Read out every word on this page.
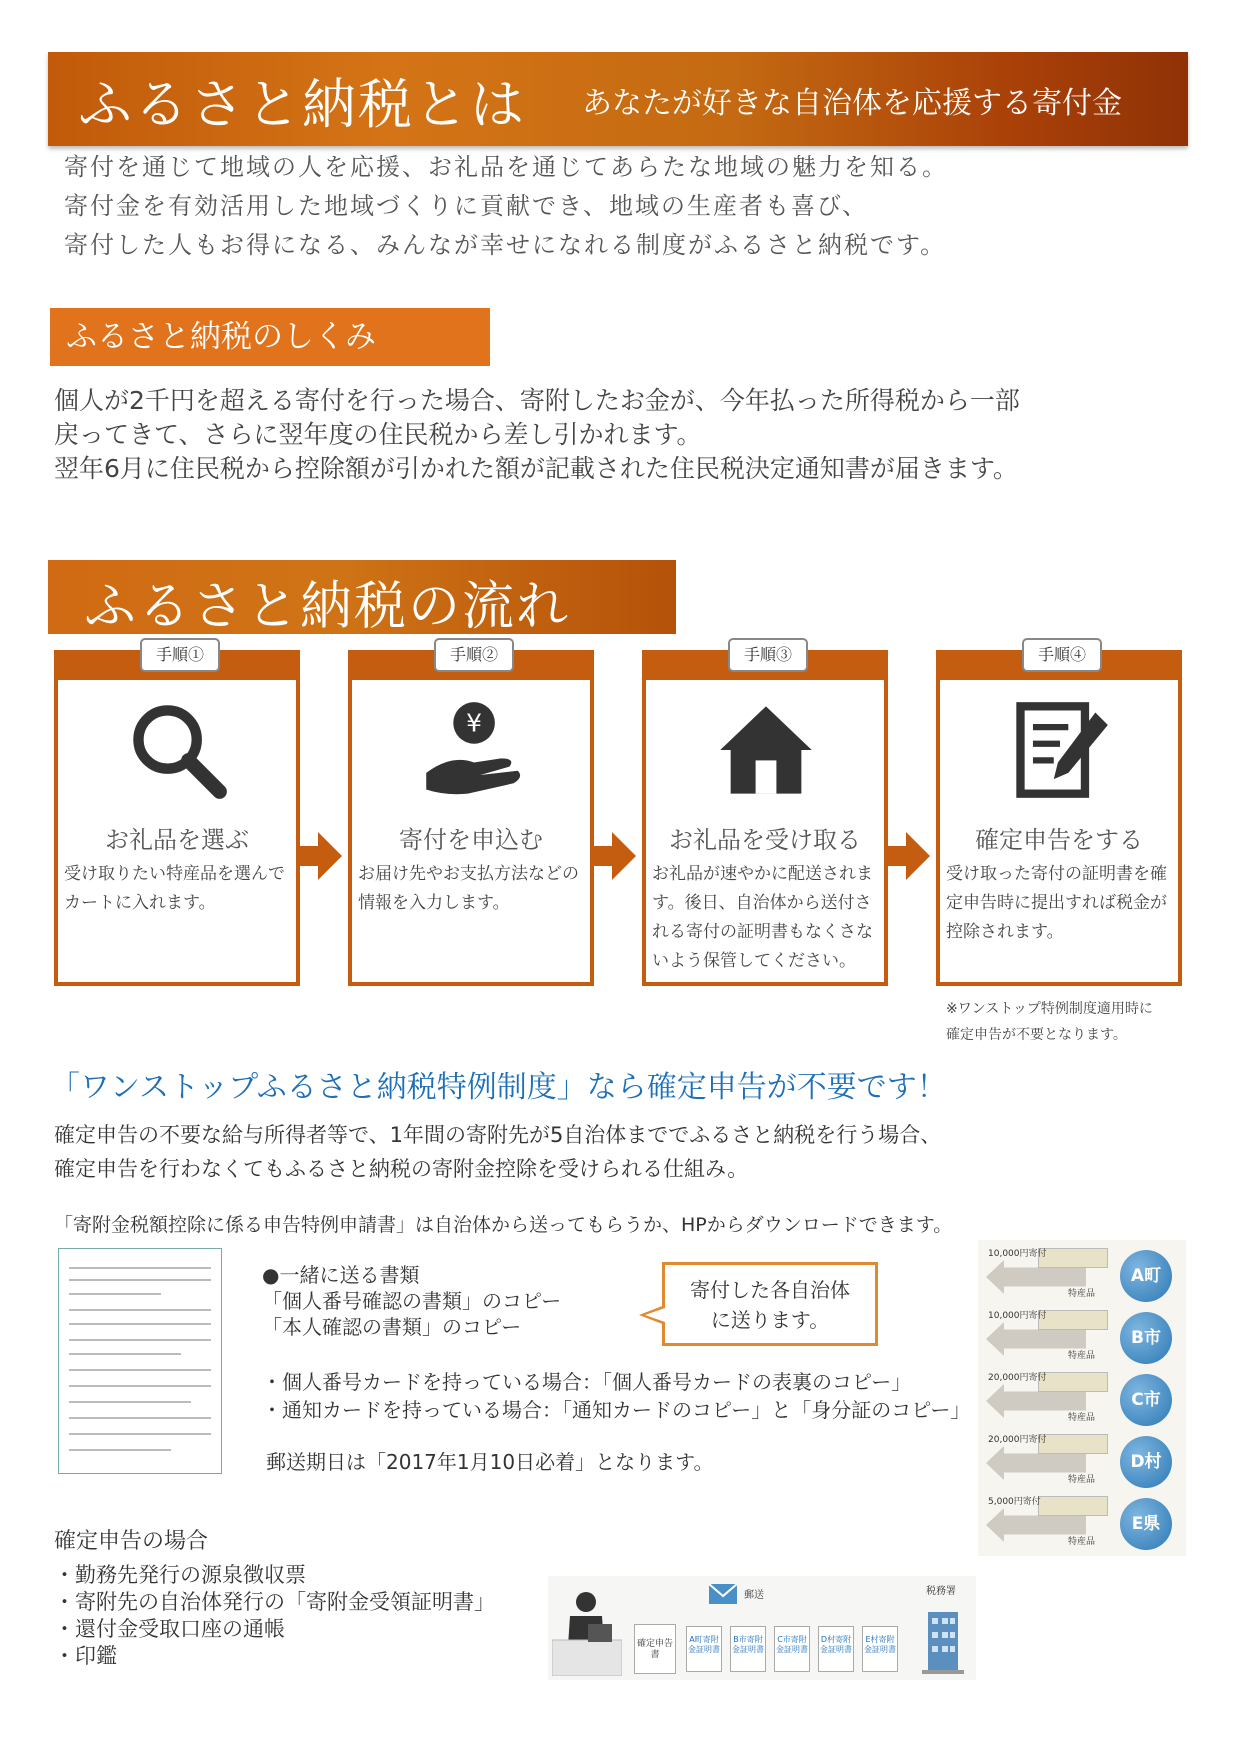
ふるさと納税とは あなたが好きな自治体を応援する寄付金
寄付を通じて地域の人を応援、お礼品を通じてあらたな地域の魅力を知る。
寄付金を有効活用した地域づくりに貢献でき、地域の生産者も喜び、
寄付した人もお得になる、みんなが幸せになれる制度がふるさと納税です。
ふるさと納税のしくみ
個人が2千円を超える寄付を行った場合、寄附したお金が、今年払った所得税から一部
戻ってきて、さらに翌年度の住民税から差し引かれます。
翌年6月に住民税から控除額が引かれた額が記載された住民税決定通知書が届きます。
ふるさと納税の流れ
手順①
お礼品を選ぶ
受け取りたい特産品を選んでカートに入れます。
手順②
¥
寄付を申込む
お届け先やお支払方法などの情報を入力します。
手順③
お礼品を受け取る
お礼品が速やかに配送されます。後日、自治体から送付される寄付の証明書もなくさないよう保管してください。
手順④
確定申告をする
受け取った寄付の証明書を確定申告時に提出すれば税金が控除されます。
※ワンストップ特例制度適用時に確定申告が不要となります。
「ワンストップふるさと納税特例制度」なら確定申告が不要です！
確定申告の不要な給与所得者等で、1年間の寄附先が5自治体まででふるさと納税を行う場合、
確定申告を行わなくてもふるさと納税の寄附金控除を受けられる仕組み。
「寄附金税額控除に係る申告特例申請書」は自治体から送ってもらうか、HPからダウンロードできます。
●一緒に送る書類
「個人番号確認の書類」のコピー
「本人確認の書類」のコピー
寄付した各自治体
に送ります。
・個人番号カードを持っている場合：「個人番号カードの表裏のコピー」
・通知カードを持っている場合：「通知カードのコピー」と「身分証のコピー」
郵送期日は「2017年1月10日必着」となります。
10,000円寄付
特産品
A町
10,000円寄付
特産品
B市
20,000円寄付
特産品
C市
20,000円寄付
特産品
D村
5,000円寄付
特産品
E県
確定申告の場合
・勤務先発行の源泉徴収票
・寄附先の自治体発行の「寄附金受領証明書」
・還付金受取口座の通帳
・印鑑	確定申告書
郵送
A町寄附金証明書
B市寄附金証明書
C市寄附金証明書
D村寄附金証明書
E村寄附金証明書
税務署
